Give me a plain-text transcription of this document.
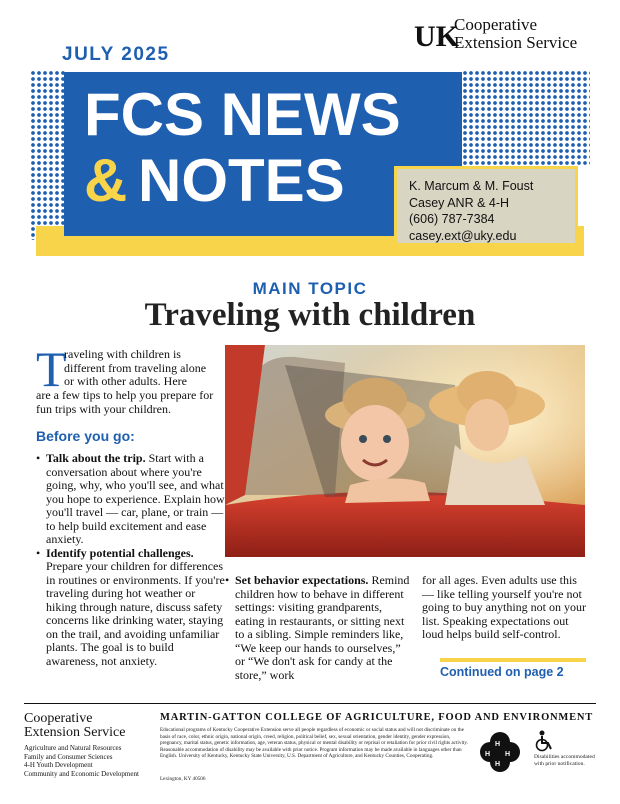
JULY 2025
UK
Cooperative
Extension Service
FCS NEWS
& NOTES	K. Marcum & M. Foust
Casey ANR & 4-H
(606) 787-7384
casey.ext@uky.edu
MAIN TOPIC
Traveling with children
T
raveling with children is different from traveling alone or with other adults. Here
are a few tips to help you prepare for fun trips with your children.
Before you go:
• Talk about the trip. Start with a conversation about where you're going, why, who you'll see, and what you hope to experience. Explain how you'll travel — car, plane, or train — to help build excitement and ease anxiety.
• Identify potential challenges. Prepare your children for differences in routines or environments. If you're traveling during hot weather or hiking through nature, discuss safety concerns like drinking water, staying on the trail, and avoiding unfamiliar plants. The goal is to build awareness, not anxiety.
• Set behavior expectations. Remind children how to behave in different settings: visiting grandparents, eating in restaurants, or sitting next to a sibling. Simple reminders like, “We keep our hands to ourselves,” or “We don't ask for candy at the store,” work
for all ages. Even adults use this — like telling yourself you're not going to buy anything not on your list. Speaking expectations out loud helps build self-control.
Continued on page 2
Cooperative
Extension Service
Agriculture and Natural Resources
Family and Consumer Sciences
4-H Youth Development
Community and Economic Development
MARTIN-GATTON COLLEGE OF AGRICULTURE, FOOD AND ENVIRONMENT
Educational programs of Kentucky Cooperative Extension serve all people regardless of economic or social status and will not discriminate on the basis of race, color, ethnic origin, national origin, creed, religion, political belief, sex, sexual orientation, gender identity, gender expression, pregnancy, marital status, genetic information, age, veteran status, physical or mental disability or reprisal or retaliation for prior civil rights activity. Reasonable accommodation of disability may be available with prior notice. Program information may be made available in languages other than English. University of Kentucky, Kentucky State University, U.S. Department of Agriculture, and Kentucky Counties, Cooperating.
Lexington, KY 40506
H
H H
H
Disabilities accommodated with prior notification.
